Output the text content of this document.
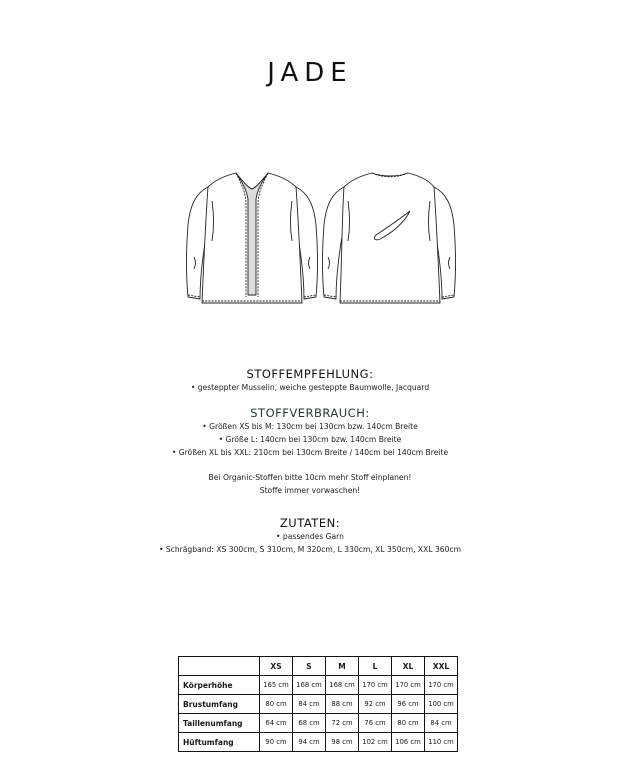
JADE
STOFFEMPFEHLUNG:
• gesteppter Musselin, weiche gesteppte Baumwolle, Jacquard
STOFFVERBRAUCH:
• Größen XS bis M: 130cm bei 130cm bzw. 140cm Breite
• Größe L: 140cm bei 130cm bzw. 140cm Breite
• Größen XL bis XXL: 210cm bei 130cm Breite / 140cm bei 140cm Breite
Bei Organic-Stoffen bitte 10cm mehr Stoff einplanen!
Stoffe immer vorwaschen!
ZUTATEN:
• passendes Garn
• Schrägband: XS 300cm, S 310cm, M 320cm, L 330cm, XL 350cm, XXL 360cm
	XS	S	M	L	XL	XXL
Körperhöhe	165 cm	168 cm	168 cm	170 cm	170 cm	170 cm
Brustumfang	80 cm	84 cm	88 cm	92 cm	96 cm	100 cm
Taillenumfang	64 cm	68 cm	72 cm	76 cm	80 cm	84 cm
Hüftumfang	90 cm	94 cm	98 cm	102 cm	106 cm	110 cm
